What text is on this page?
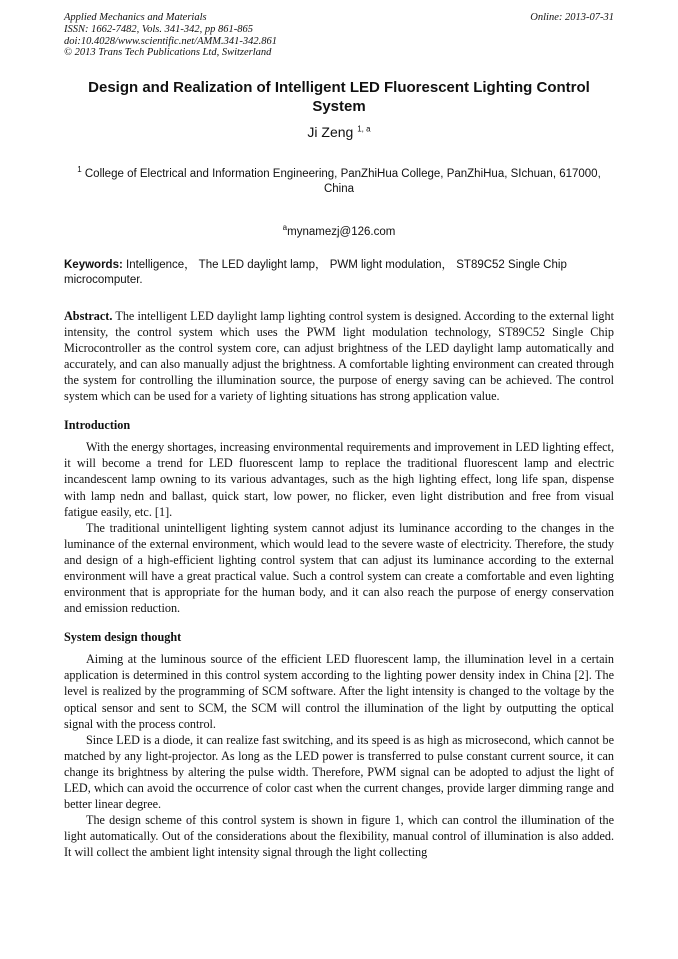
Applied Mechanics and Materials
ISSN: 1662-7482, Vols. 341-342, pp 861-865
doi:10.4028/www.scientific.net/AMM.341-342.861
© 2013 Trans Tech Publications Ltd, Switzerland
Online: 2013-07-31
Design and Realization of Intelligent LED Fluorescent Lighting Control System
Ji Zeng $^{1, a}$
$^1$ College of Electrical and Information Engineering, PanZhiHua College, PanZhiHua, SIchuan, 617000, China
$^a$mynamezj@126.com
Keywords: Intelligence， The LED daylight lamp， PWM light modulation， ST89C52 Single Chip microcomputer.
Abstract. The intelligent LED daylight lamp lighting control system is designed. According to the external light intensity, the control system which uses the PWM light modulation technology, ST89C52 Single Chip Microcontroller as the control system core, can adjust brightness of the LED daylight lamp automatically and accurately, and can also manually adjust the brightness. A comfortable lighting environment can created through the system for controlling the illumination source, the purpose of energy saving can be achieved. The control system which can be used for a variety of lighting situations has strong application value.
Introduction

With the energy shortages, increasing environmental requirements and improvement in LED lighting effect, it will become a trend for LED fluorescent lamp to replace the traditional fluorescent lamp and electric incandescent lamp owning to its various advantages, such as the high lighting effect, long life span, dispense with lamp nedn and ballast, quick start, low power, no flicker, even light distribution and free from visual fatigue easily, etc. [1].

The traditional unintelligent lighting system cannot adjust its luminance according to the changes in the luminance of the external environment, which would lead to the severe waste of electricity. Therefore, the study and design of a high-efficient lighting control system that can adjust its luminance according to the external environment will have a great practical value. Such a control system can create a comfortable and even lighting environment that is appropriate for the human body, and it can also reach the purpose of energy conservation and emission reduction.

System design thought

Aiming at the luminous source of the efficient LED fluorescent lamp, the illumination level in a certain application is determined in this control system according to the lighting power density index in China [2]. The level is realized by the programming of SCM software. After the light intensity is changed to the voltage by the optical sensor and sent to SCM, the SCM will control the illumination of the light by outputting the optical signal with the process control.

Since LED is a diode, it can realize fast switching, and its speed is as high as microsecond, which cannot be matched by any light-projector. As long as the LED power is transferred to pulse constant current source, it can change its brightness by altering the pulse width. Therefore, PWM signal can be adopted to adjust the light of LED, which can avoid the occurrence of color cast when the current changes, provide larger dimming range and better linear degree.

The design scheme of this control system is shown in figure 1, which can control the illumination of the light automatically. Out of the considerations about the flexibility, manual control of illumination is also added. It will collect the ambient light intensity signal through the light collecting
